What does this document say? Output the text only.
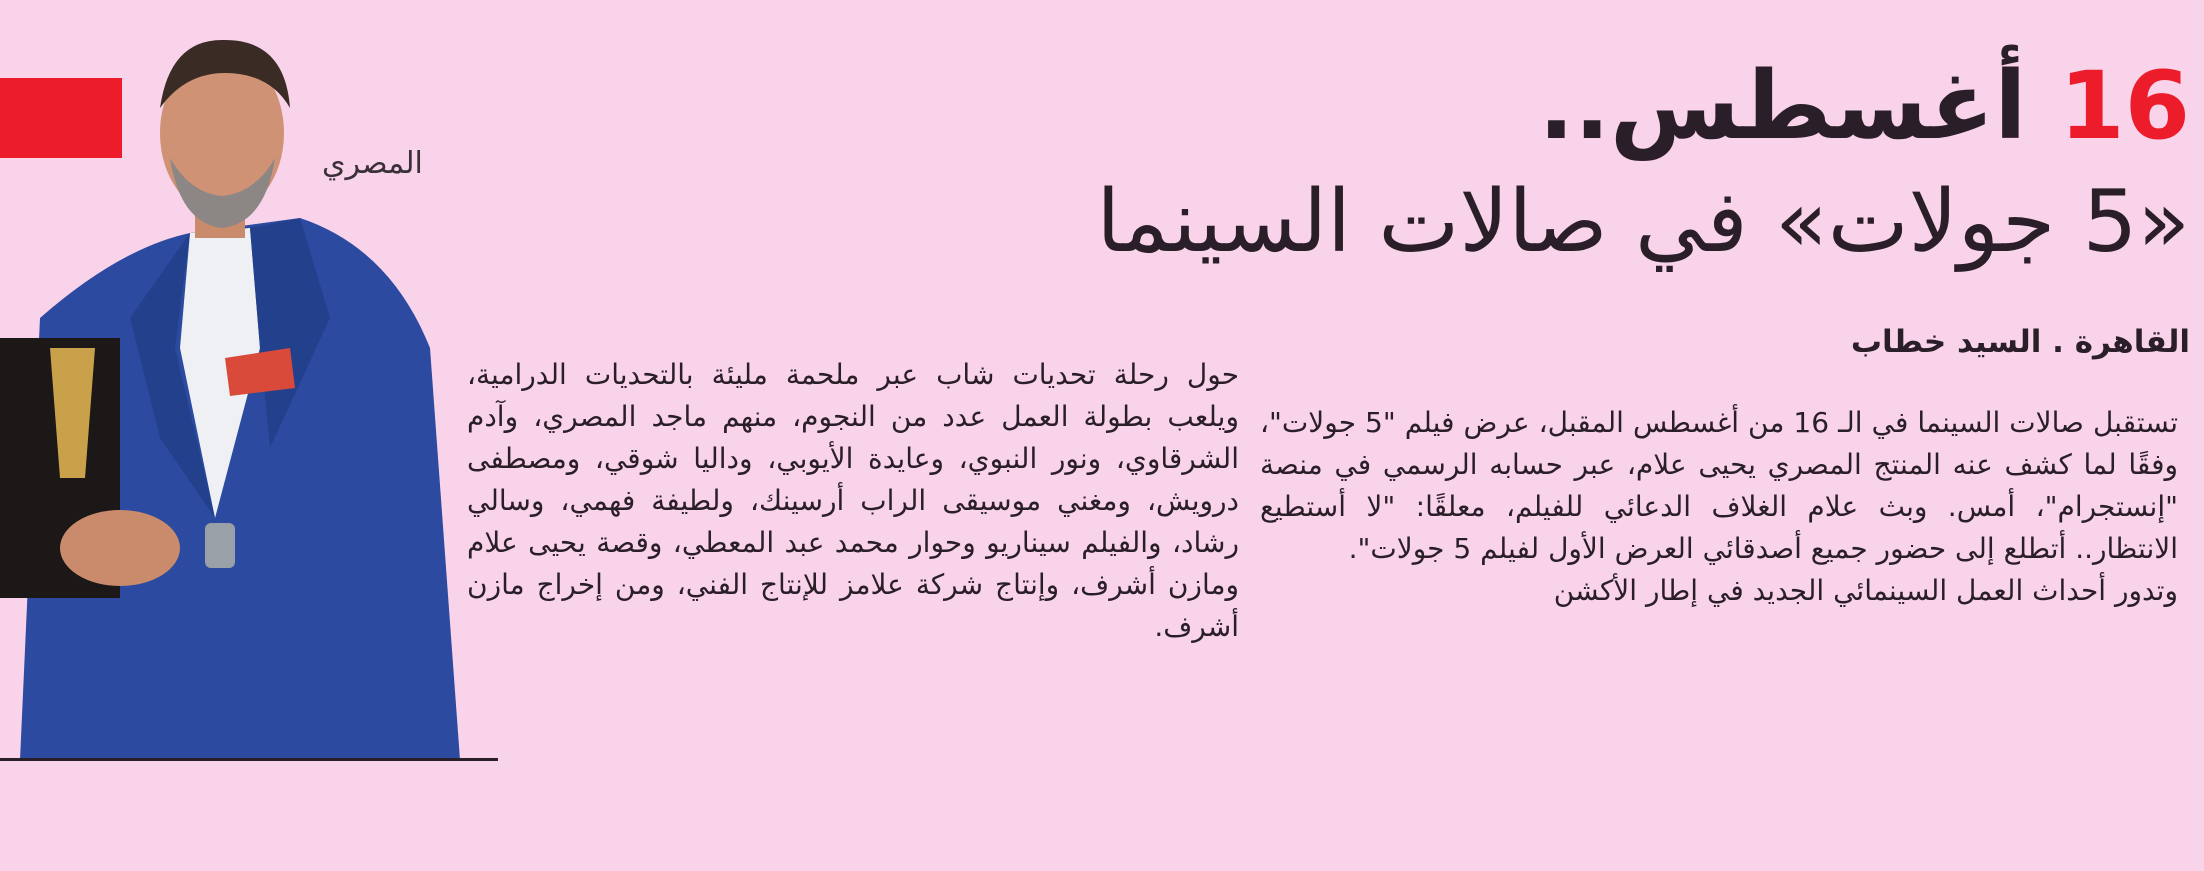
المصري
16 أغسطس..
«5 جولات» في صالات السينما
القاهرة . السيد خطاب

تستقبل صالات السينما في الـ 16 من أغسطس المقبل، عرض فيلم "5 جولات"، وفقًا لما كشف عنه المنتج المصري يحيى علام، عبر حسابه الرسمي في منصة "إنستجرام"، أمس. وبث علام الغلاف الدعائي للفيلم، معلقًا: "لا أستطيع الانتظار.. أتطلع إلى حضور جميع أصدقائي العرض الأول لفيلم 5 جولات".

وتدور أحداث العمل السينمائي الجديد في إطار الأكشن

حول رحلة تحديات شاب عبر ملحمة مليئة بالتحديات الدرامية، ويلعب بطولة العمل عدد من النجوم، منهم ماجد المصري، وآدم الشرقاوي، ونور النبوي، وعايدة الأيوبي، وداليا شوقي، ومصطفى درويش، ومغني موسيقى الراب أرسينك، ولطيفة فهمي، وسالي رشاد، والفيلم سيناريو وحوار محمد عبد المعطي، وقصة يحيى علام ومازن أشرف، وإنتاج شركة علامز للإنتاج الفني، ومن إخراج مازن أشرف.
